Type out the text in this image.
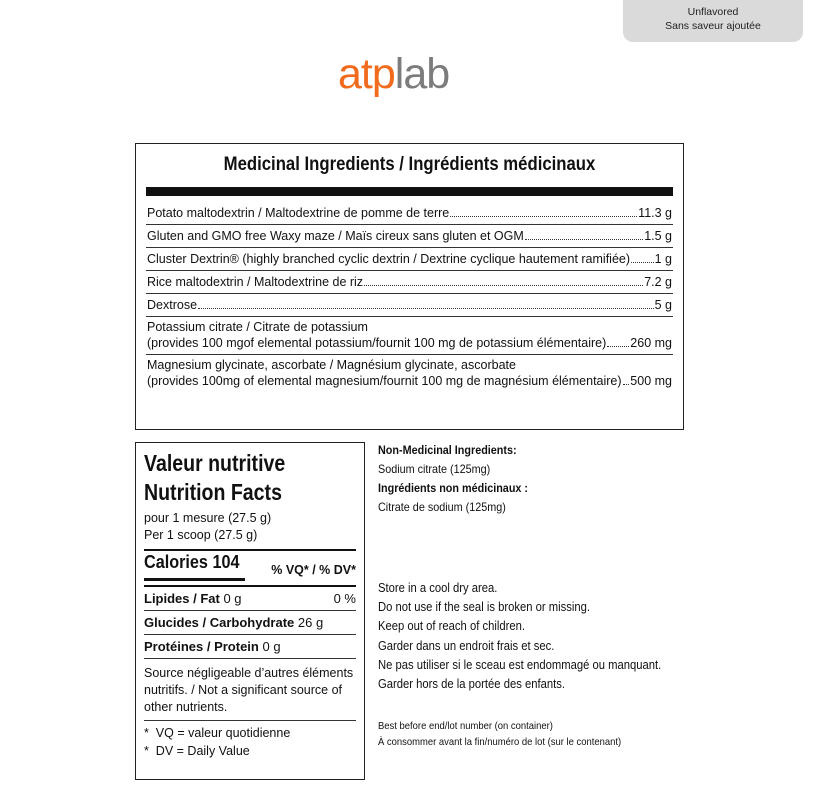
Unflavored
Sans saveur ajoutée
atplab
Medicinal Ingredients / Ingrédients médicinaux
Potato maltodextrin / Maltodextrine de pomme de terre	11.3 g
Gluten and GMO free Waxy maze / Maïs cireux sans gluten et OGM	1.5 g
Cluster Dextrin® (highly branched cyclic dextrin / Dextrine cyclique hautement ramifiée) 1 g
Rice maltodextrin / Maltodextrine de riz	7.2 g
Dextrose	5 g
Potassium citrate / Citrate de potassium
(provides 100 mgof elemental potassium/fournit 100 mg de potassium élémentaire) 260 mg
Magnesium glycinate, ascorbate / Magnésium glycinate, ascorbate
(provides 100mg of elemental magnesium/fournit 100 mg de magnésium élémentaire) 500 mg
Valeur nutritive
Nutrition Facts
pour 1 mesure (27.5 g)
Per 1 scoop (27.5 g)
Calories 104	% VQ* / % DV*
Lipides / Fat 0 g	0 %
Glucides / Carbohydrate 26 g
Protéines / Protein 0 g
Source négligeable d’autres éléments nutritifs. / Not a significant source of other nutrients.
*  VQ = valeur quotidienne
*  DV = Daily Value
Non-Medicinal Ingredients:
Sodium citrate (125mg)
Ingrédients non médicinaux :
Citrate de sodium (125mg)
Store in a cool dry area.
Do not use if the seal is broken or missing.
Keep out of reach of children.
Garder dans un endroit frais et sec.
Ne pas utiliser si le sceau est endommagé ou manquant.
Garder hors de la portée des enfants.
Best before end/lot number (on container)
À consommer avant la fin/numéro de lot (sur le contenant)
